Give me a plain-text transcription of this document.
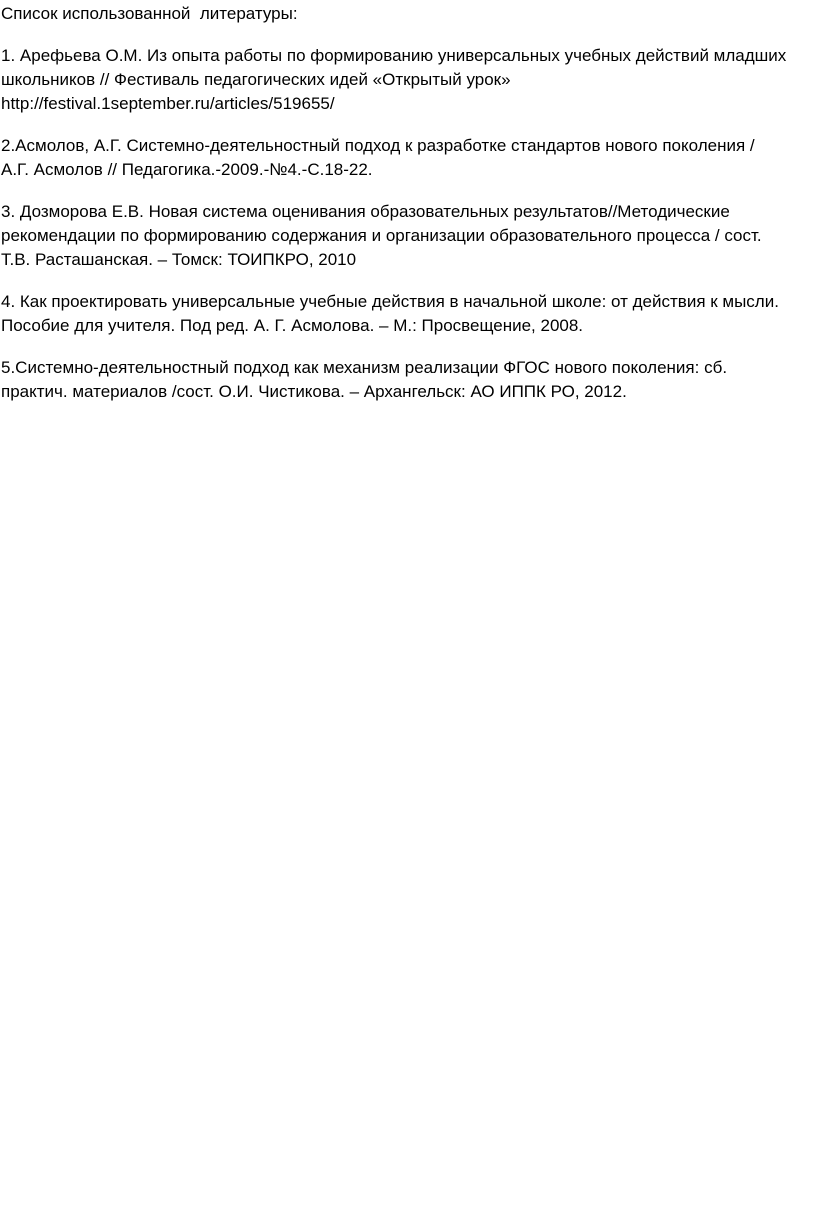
Список использованной  литературы:
1. Арефьева О.М. Из опыта работы по формированию универсальных учебных действий младших
школьников // Фестиваль педагогических идей «Открытый урок»
http://festival.1september.ru/articles/519655/
2.Асмолов, А.Г. Системно-деятельностный подход к разработке стандартов нового поколения /
А.Г. Асмолов // Педагогика.-2009.-№4.-С.18-22.
3. Дозморова Е.В. Новая система оценивания образовательных результатов//Методические
рекомендации по формированию содержания и организации образовательного процесса / сост.
Т.В. Расташанская. – Томск: ТОИПКРО, 2010
4. Как проектировать универсальные учебные действия в начальной школе: от действия к мысли.
Пособие для учителя. Под ред. А. Г. Асмолова. – М.: Просвещение, 2008.
5.Системно-деятельностный подход как механизм реализации ФГОС нового поколения: сб.
практич. материалов /сост. О.И. Чистикова. – Архангельск: АО ИППК РО, 2012.
